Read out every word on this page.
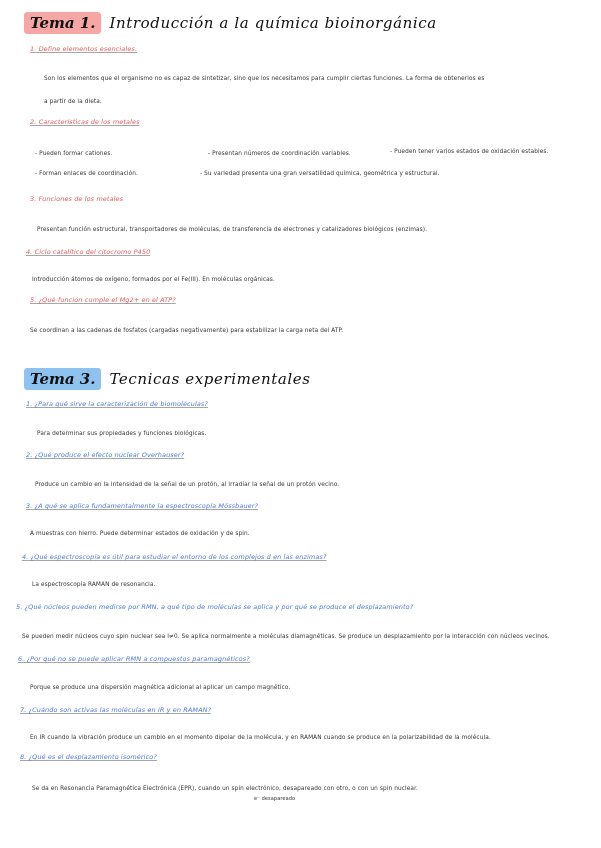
Tema 1. Introducción a la química bioinorgánica
1. Define elementos esenciales.
Son los elementos que el organismo no es capaz de sintetizar, sino que los necesitamos para cumplir ciertas funciones. La forma de obtenerlos es
a partir de la dieta.
2. Características de los metales
- Pueden formar cationes.	- Presentan números de coordinación variables.	- Pueden tener varios estados de oxidación estables.
- Forman enlaces de coordinación.	- Su variedad presenta una gran versatilidad química, geométrica y estructural.
3. Funciones de los metales
Presentan función estructural, transportadores de moléculas, de transferencia de electrones y catalizadores biológicos (enzimas).
4. Ciclo catalítico del citocromo P450
Introducción átomos de oxígeno, formados por el Fe(III). En moléculas orgánicas.
5. ¿Qué función cumple el Mg2+ en el ATP?
Se coordinan a las cadenas de fosfatos (cargadas negativamente) para estabilizar la carga neta del ATP.
Tema 3. Tecnicas experimentales
1. ¿Para qué sirve la caracterización de biomoléculas?
Para determinar sus propiedades y funciones biológicas.
2. ¿Qué produce el efecto nuclear Overhauser?
Produce un cambio en la intensidad de la señal de un protón, al irradiar la señal de un protón vecino.
3. ¿A qué se aplica fundamentalmente la espectroscopía Mössbauer?
A muestras con hierro. Puede determinar estados de oxidación y de spin.
4. ¿Qué espectroscopía es útil para estudiar el entorno de los complejos d en las enzimas?
La espectroscopía RAMAN de resonancia.
5. ¿Qué núcleos pueden medirse por RMN, a qué tipo de moléculas se aplica y por qué se produce el desplazamiento?
Se pueden medir núcleos cuyo spin nuclear sea I≠0. Se aplica normalmente a moléculas diamagnéticas. Se produce un desplazamiento por la interacción con núcleos vecinos.
6. ¿Por qué no se puede aplicar RMN a compuestos paramagnéticos?
Porque se produce una dispersión magnética adicional al aplicar un campo magnético.
7. ¿Cuándo son activas las moléculas en IR y en RAMAN?
En IR cuando la vibración produce un cambio en el momento dipolar de la molécula, y en RAMAN cuando se produce en la polarizabilidad de la molécula.
8. ¿Qué es el desplazamiento isomérico?
Se da en Resonancia Paramagnética Electrónica (EPR), cuando un spin electrónico, desapareado con otro, o con un spin nuclear.
e⁻ desapareado
